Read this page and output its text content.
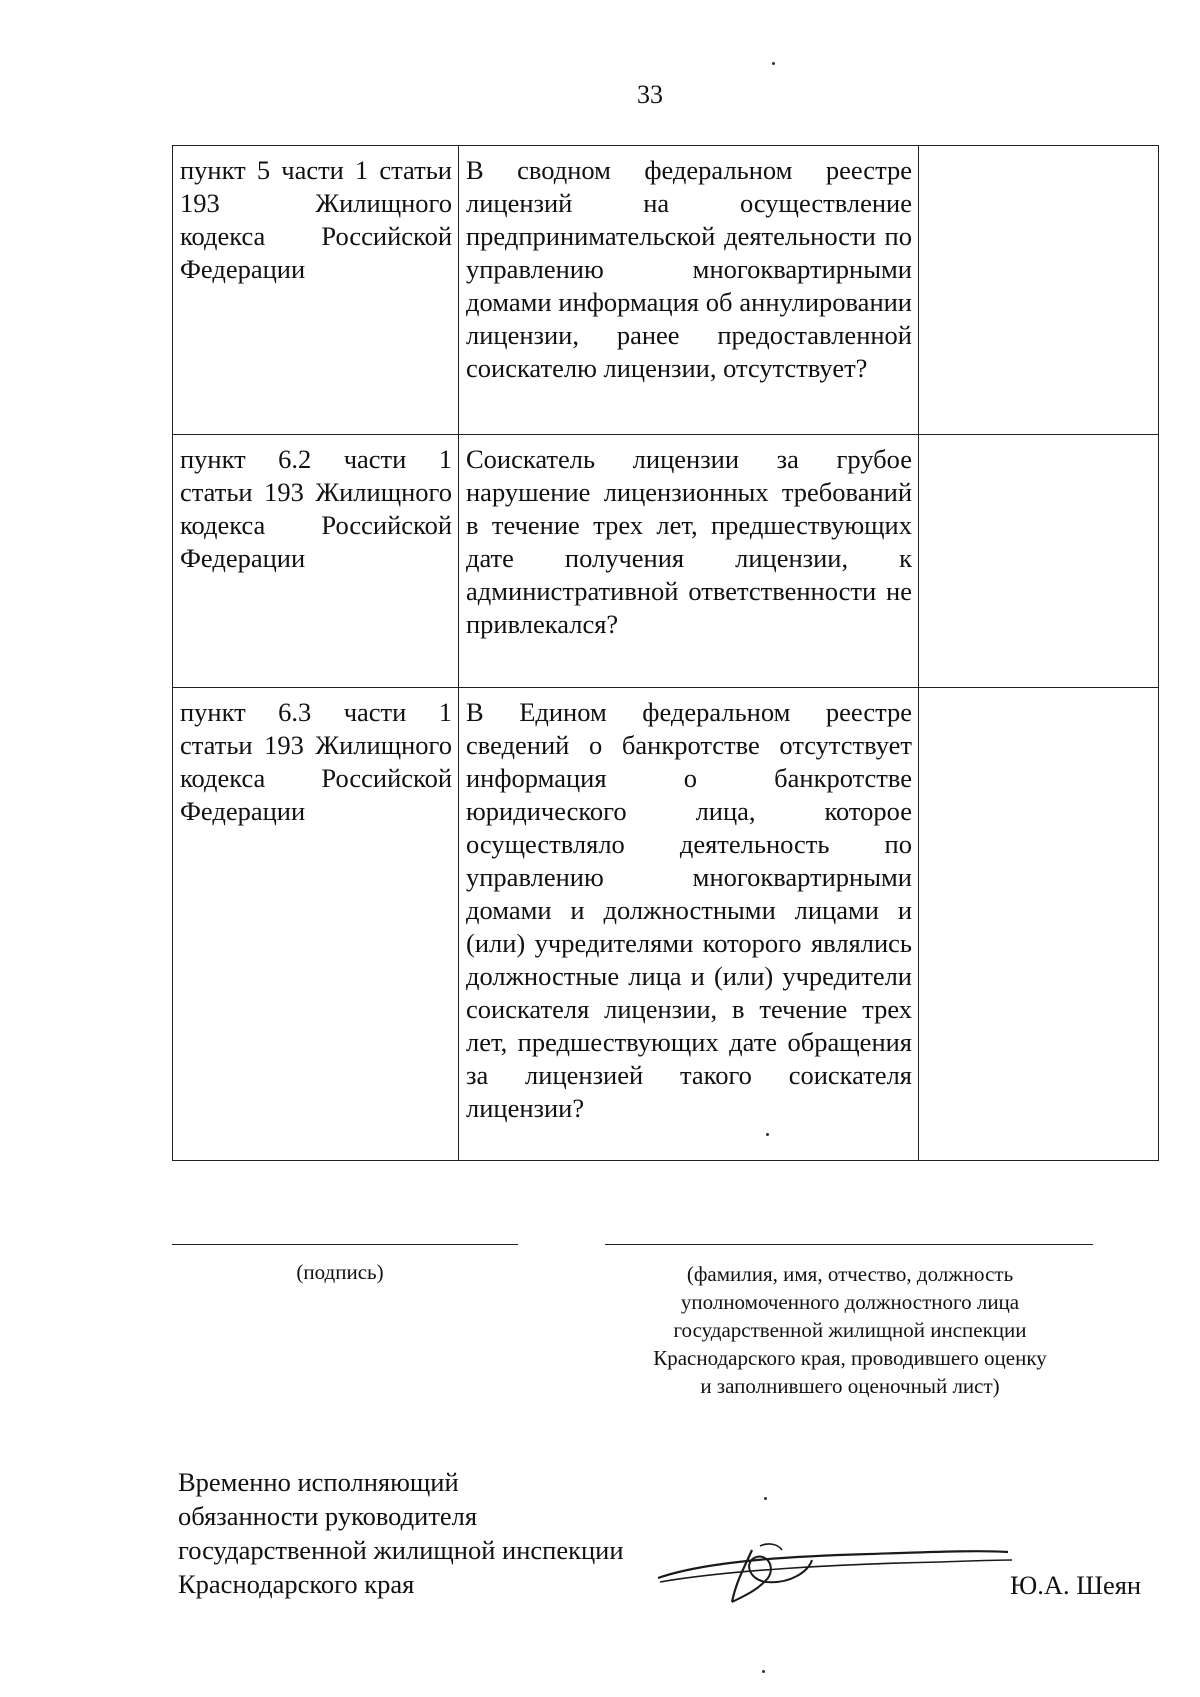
33

пункт 5 части 1 статьи 193 Жилищного кодекса Российской Федерации	В сводном федеральном реестре лицензий на осуществление предпринимательской деятельности по управлению многоквартирными домами информация об аннулировании лицензии, ранее предоставленной соискателю лицензии, отсутствует?	

пункт 6.2 части 1 статьи 193 Жилищного кодекса Российской Федерации	Соискатель лицензии за грубое нарушение лицензионных требований в течение трех лет, предшествующих дате получения лицензии, к административной ответственности не привлекался?	

пункт 6.3 части 1 статьи 193 Жилищного кодекса Российской Федерации	В Едином федеральном реестре сведений о банкротстве отсутствует информация о банкротстве юридического лица, которое осуществляло деятельность по управлению многоквартирными домами и должностными лицами и (или) учредителями которого являлись должностные лица и (или) учредители соискателя лицензии, в течение трех лет, предшествующих дате обращения за лицензией такого соискателя лицензии?	

(подпись)	(фамилия, имя, отчество, должность
уполномоченного должностного лица
государственной жилищной инспекции
Краснодарского края, проводившего оценку
и заполнившего оценочный лист)
Временно исполняющий
обязанности руководителя
государственной жилищной инспекции
Краснодарского края	Ю.А. Шеян
